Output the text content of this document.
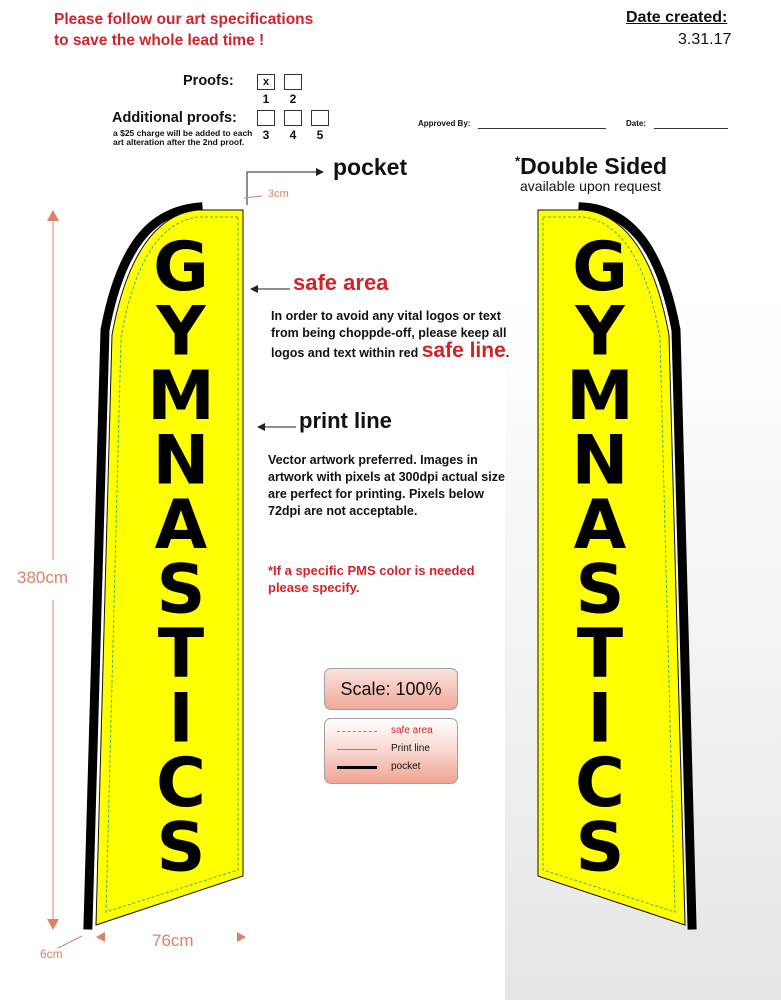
Please follow our art specifications
to save the whole lead time !
Date created:
3.31.17
Proofs:	x
1	2
Additional proofs:
a $25 charge will be added to each art alteration after the 2nd proof.	3	4	5
Approved By:	Date:
pocket	*Double Sided
available upon request
safe area
In order to avoid any vital logos or text from being choppde-off, please keep all logos and text within red safe line.
print line
Vector artwork preferred. Images in artwork with pixels at 300dpi actual size are perfect for printing. Pixels below 72dpi are not acceptable.
*If a specific PMS color is needed please specify.
380cm
76cm
3cm
6cm
Scale: 100%
safe area
Print line
pocket
G
Y
M
N
A
S
T
I
C
S
G
Y
M
N
A
S
T
I
C
S
